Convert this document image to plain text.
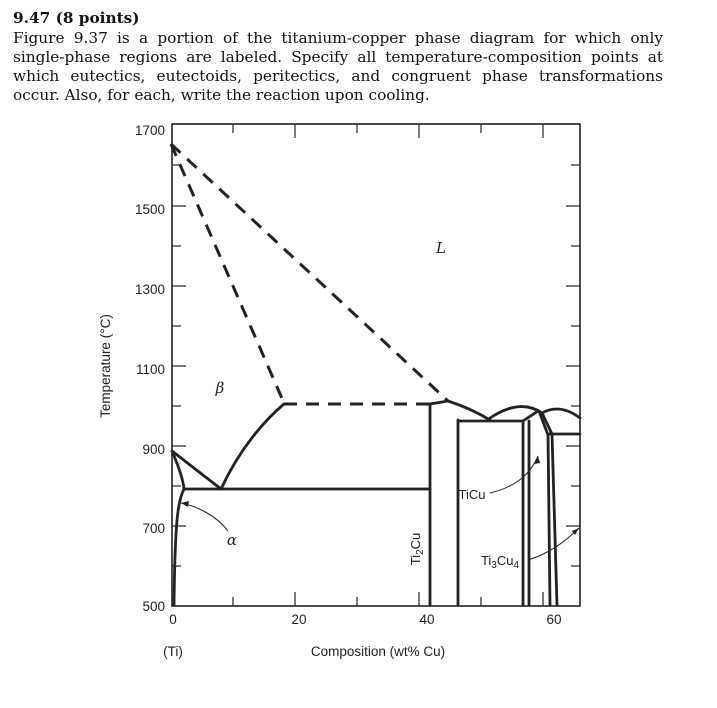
9.47 (8 points)

Figure 9.37 is a portion of the titanium-copper phase diagram for which only single-phase regions are labeled. Specify all temperature-composition points at which eutectics, eutectoids, peritectics, and congruent phase transformations occur. Also, for each, write the reaction upon cooling.

1700
1500
1300
1100
900
700
500
0	20	40	60
Temperature (°C)
Composition (wt% Cu)
(Ti)
L
β
α
$Ti_2Cu$
TiCu
$Ti_3Cu_4$
